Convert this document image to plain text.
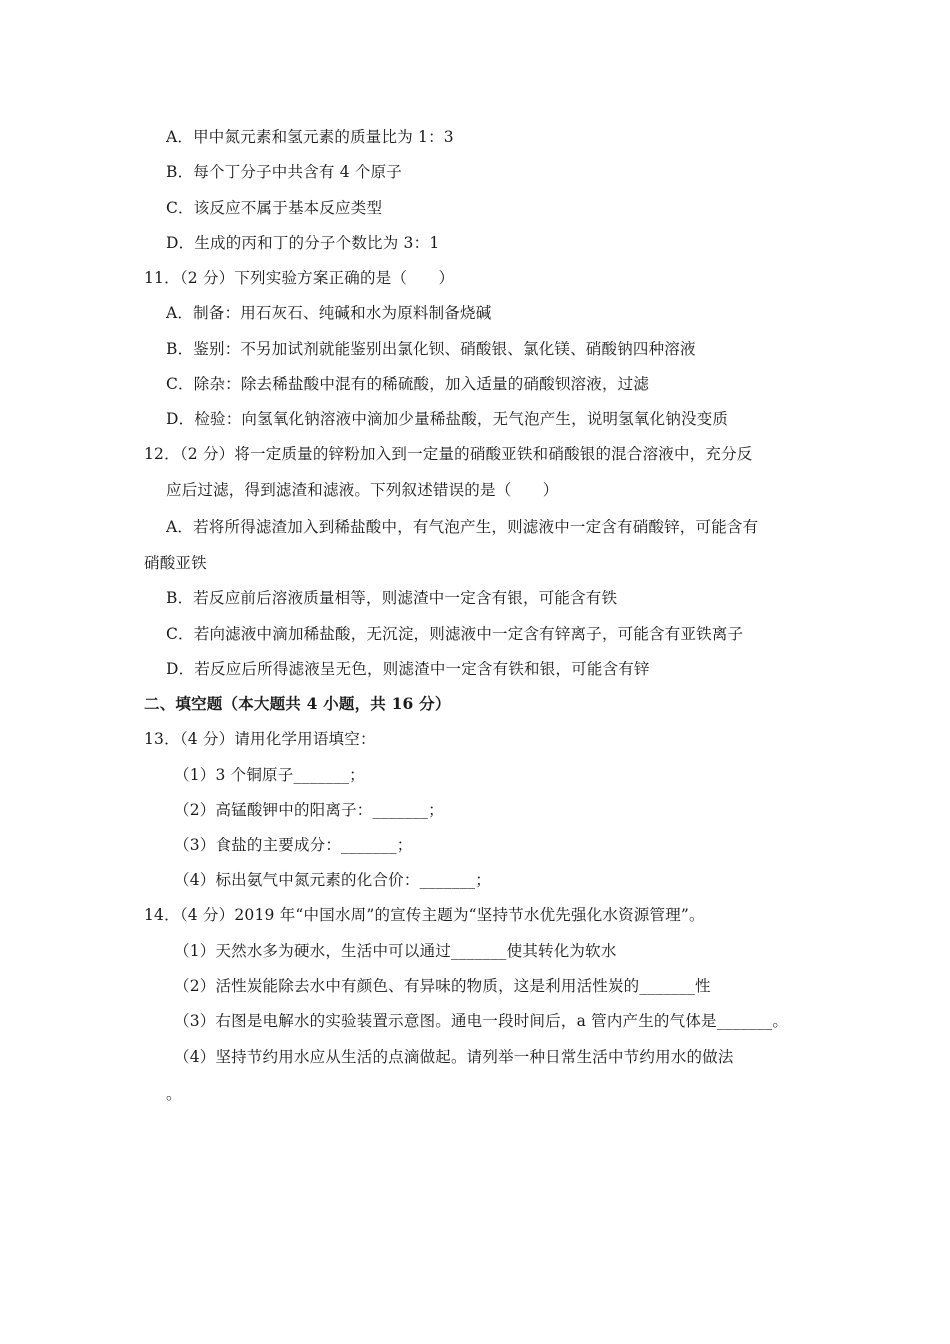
A．甲中氮元素和氢元素的质量比为 1：3
B．每个丁分子中共含有 4 个原子
C．该反应不属于基本反应类型
D．生成的丙和丁的分子个数比为 3：1
11．（2 分）下列实验方案正确的是（　　）
A．制备：用石灰石、纯碱和水为原料制备烧碱
B．鉴别：不另加试剂就能鉴别出氯化钡、硝酸银、氯化镁、硝酸钠四种溶液
C．除杂：除去稀盐酸中混有的稀硫酸，加入适量的硝酸钡溶液，过滤
D．检验：向氢氧化钠溶液中滴加少量稀盐酸，无气泡产生，说明氢氧化钠没变质
12．（2 分）将一定质量的锌粉加入到一定量的硝酸亚铁和硝酸银的混合溶液中，充分反
应后过滤，得到滤渣和滤液。下列叙述错误的是（　　）
A．若将所得滤渣加入到稀盐酸中，有气泡产生，则滤液中一定含有硝酸锌，可能含有
硝酸亚铁
B．若反应前后溶液质量相等，则滤渣中一定含有银，可能含有铁
C．若向滤液中滴加稀盐酸，无沉淀，则滤液中一定含有锌离子，可能含有亚铁离子
D．若反应后所得滤液呈无色，则滤渣中一定含有铁和银，可能含有锌
二、填空题（本大题共 4 小题，共 16 分）
13．（4 分）请用化学用语填空：
（1）3 个铜原子_______；
（2）高锰酸钾中的阳离子：_______；
（3）食盐的主要成分：_______；
（4）标出氨气中氮元素的化合价：_______；
14．（4 分）2019 年“中国水周”的宣传主题为“坚持节水优先强化水资源管理”。
（1）天然水多为硬水，生活中可以通过_______使其转化为软水
（2）活性炭能除去水中有颜色、有异味的物质，这是利用活性炭的_______性
（3）右图是电解水的实验装置示意图。通电一段时间后，a 管内产生的气体是_______。
（4）坚持节约用水应从生活的点滴做起。请列举一种日常生活中节约用水的做法
。
